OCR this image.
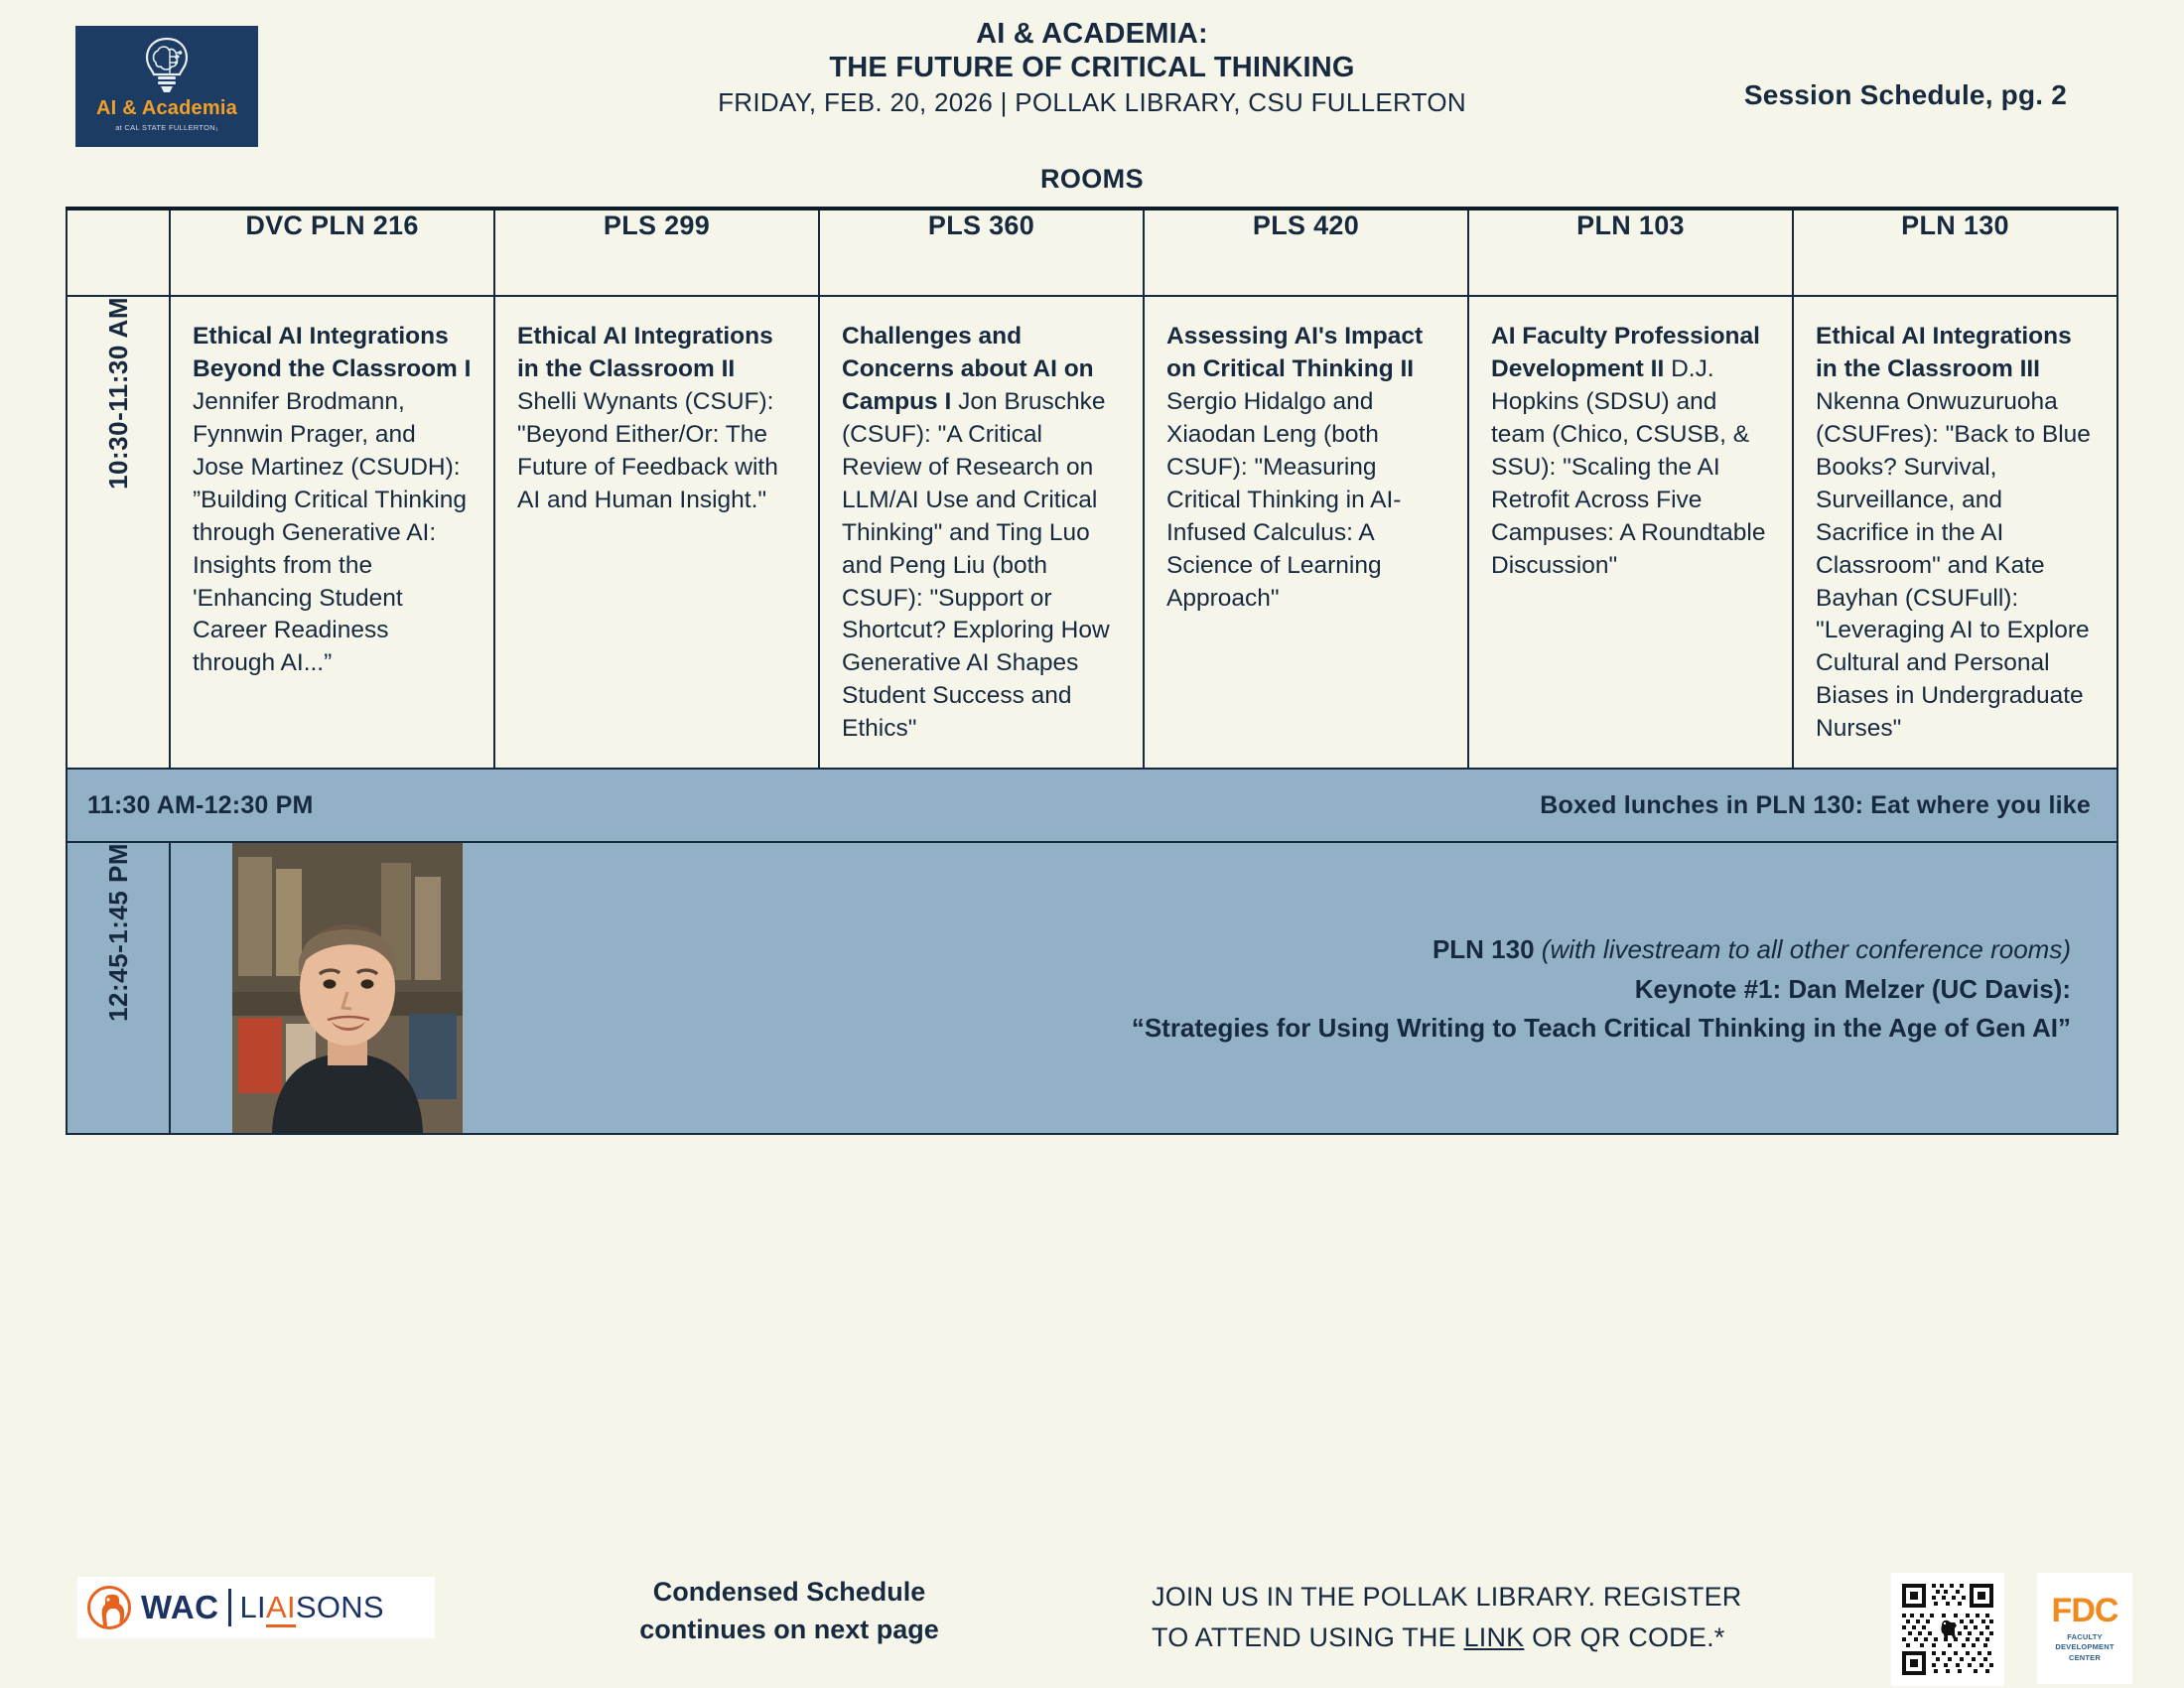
AI & Academia
at CAL STATE FULLERTON₁
AI & ACADEMIA:
THE FUTURE OF CRITICAL THINKING
FRIDAY, FEB. 20, 2026 | POLLAK LIBRARY, CSU FULLERTON	Session Schedule, pg. 2
ROOMS
	DVC PLN 216	PLS 299	PLS 360	PLS 420	PLN 103	PLN 130
10:30-11:30 AM	Ethical AI Integrations Beyond the Classroom I Jennifer Brodmann, Fynnwin Prager, and Jose Martinez (CSUDH): ”Building Critical Thinking through Generative AI: Insights from the 'Enhancing Student Career Readiness through AI...”	Ethical AI Integrations in the Classroom II Shelli Wynants (CSUF): "Beyond Either/Or: The Future of Feedback with AI and Human Insight."	Challenges and Concerns about AI on Campus I Jon Bruschke (CSUF): "A Critical Review of Research on LLM/AI Use and Critical Thinking" and Ting Luo and Peng Liu (both CSUF): "Support or Shortcut? Exploring How Generative AI Shapes Student Success and Ethics"	Assessing AI's Impact on Critical Thinking II Sergio Hidalgo and Xiaodan Leng (both CSUF): "Measuring Critical Thinking in AI-Infused Calculus: A Science of Learning Approach"	AI Faculty Professional Development II D.J. Hopkins (SDSU) and team (Chico, CSUSB, & SSU): "Scaling the AI Retrofit Across Five Campuses: A Roundtable Discussion"	Ethical AI Integrations in the Classroom III Nkenna Onwuzuruoha (CSUFres): "Back to Blue Books? Survival, Surveillance, and Sacrifice in the AI Classroom" and Kate Bayhan (CSUFull): "Leveraging AI to Explore Cultural and Personal Biases in Undergraduate Nurses"

11:30 AM-12:30 PM Boxed lunches in PLN 130: Eat where you like						

12:45-1:45 PM	PLN 130 (with livestream to all other conference rooms)
Keynote #1: Dan Melzer (UC Davis):
“Strategies for Using Writing to Teach Critical Thinking in the Age of Gen AI”					
WAC LIAISONS	Condensed Schedule
continues on next page
JOIN US IN THE POLLAK LIBRARY. REGISTER
TO ATTEND USING THE LINK OR QR CODE.*
FDC
FACULTY
DEVELOPMENT
CENTER
